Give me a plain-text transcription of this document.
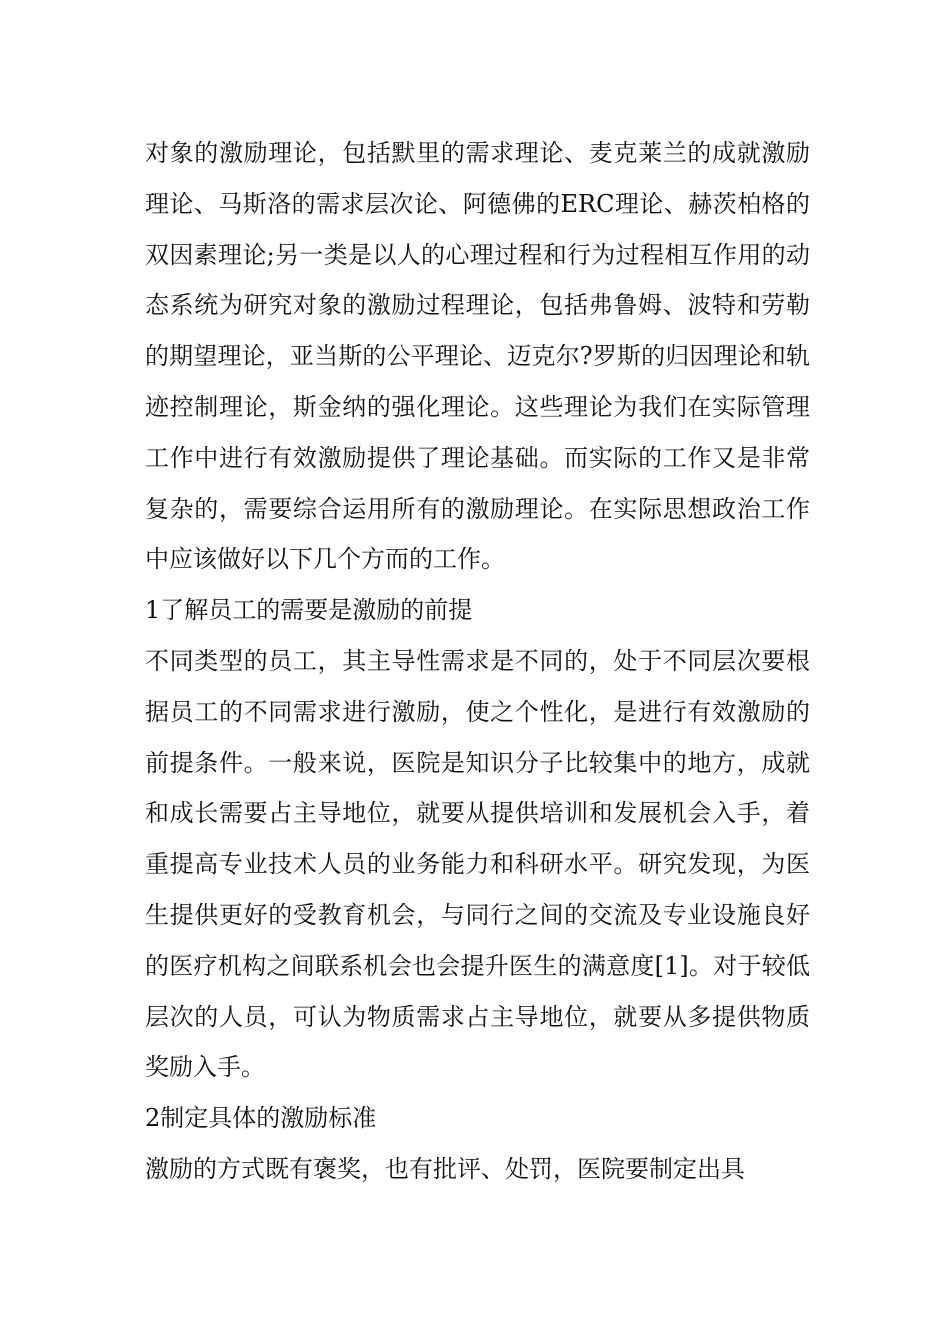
对象的激励理论，包括默里的需求理论、麦克莱兰的成就激励理论、马斯洛的需求层次论、阿德佛的ERC理论、赫茨柏格的双因素理论;另一类是以人的心理过程和行为过程相互作用的动态系统为研究对象的激励过程理论，包括弗鲁姆、波特和劳勒的期望理论，亚当斯的公平理论、迈克尔?罗斯的归因理论和轨迹控制理论，斯金纳的强化理论。这些理论为我们在实际管理工作中进行有效激励提供了理论基础。而实际的工作又是非常复杂的，需要综合运用所有的激励理论。在实际思想政治工作中应该做好以下几个方而的工作。

1了解员工的需要是激励的前提

不同类型的员工，其主导性需求是不同的，处于不同层次要根据员工的不同需求进行激励，使之个性化，是进行有效激励的前提条件。一般来说，医院是知识分子比较集中的地方，成就和成长需要占主导地位，就要从提供培训和发展机会入手，着重提高专业技术人员的业务能力和科研水平。研究发现，为医生提供更好的受教育机会，与同行之间的交流及专业设施良好的医疗机构之间联系机会也会提升医生的满意度[1]。对于较低层次的人员，可认为物质需求占主导地位，就要从多提供物质奖励入手。

2制定具体的激励标准

激励的方式既有褒奖，也有批评、处罚，医院要制定出具
